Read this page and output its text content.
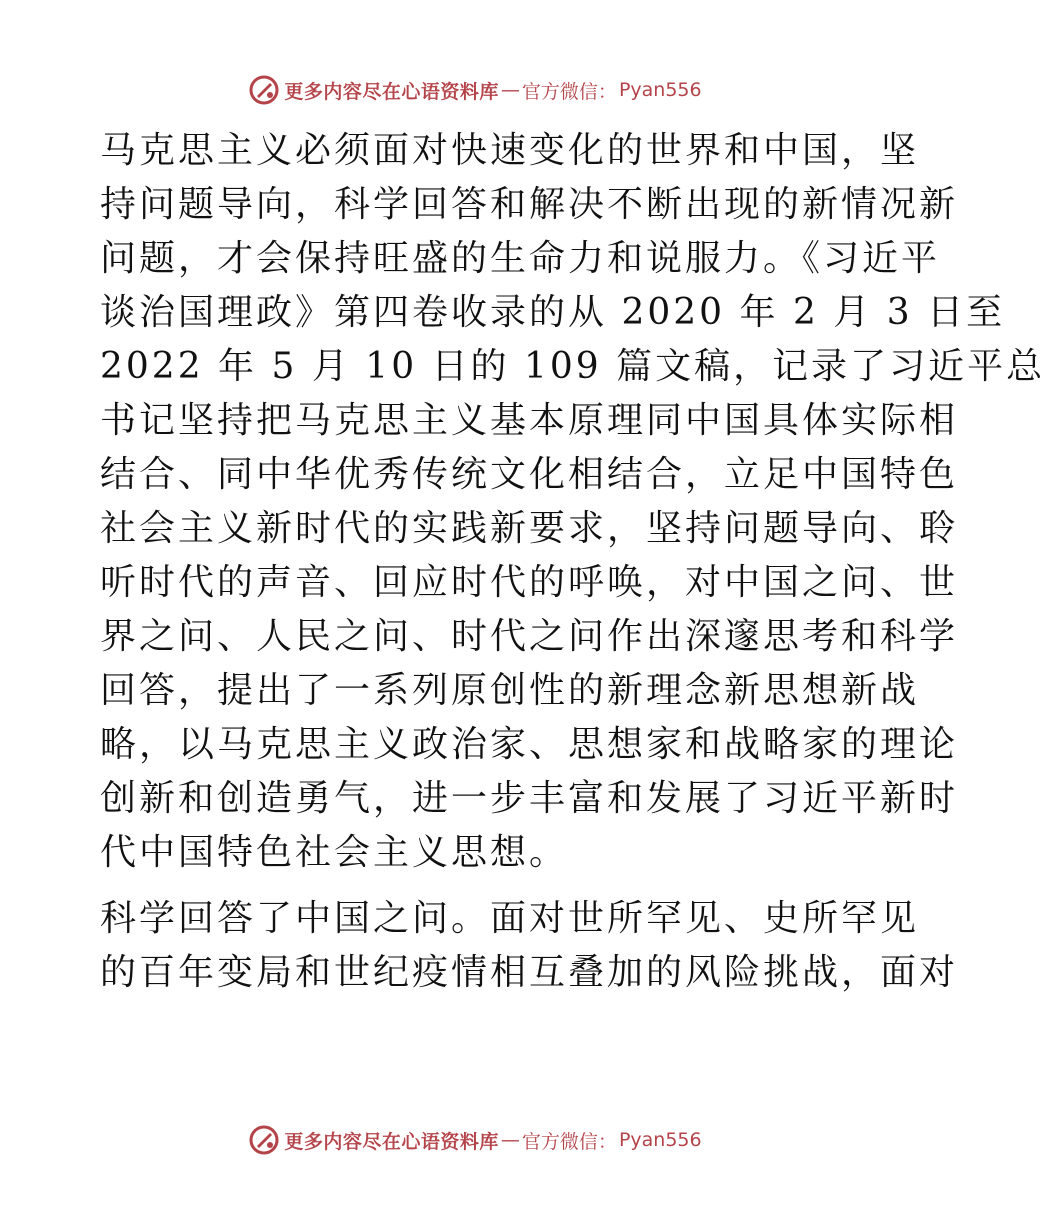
更多内容尽在心语资料库 — 官方微信： Pyan556

马克思主义必须面对快速变化的世界和中国，坚
持问题导向，科学回答和解决不断出现的新情况新
问题，才会保持旺盛的生命力和说服力。《习近平
谈治国理政》第四卷收录的从 2020 年 2 月 3 日至
2022 年 5 月 10 日的 109 篇文稿，记录了习近平总
书记坚持把马克思主义基本原理同中国具体实际相
结合、同中华优秀传统文化相结合，立足中国特色
社会主义新时代的实践新要求，坚持问题导向、聆
听时代的声音、回应时代的呼唤，对中国之问、世
界之问、人民之问、时代之问作出深邃思考和科学
回答，提出了一系列原创性的新理念新思想新战
略，以马克思主义政治家、思想家和战略家的理论
创新和创造勇气，进一步丰富和发展了习近平新时
代中国特色社会主义思想。

科学回答了中国之问。面对世所罕见、史所罕见
的百年变局和世纪疫情相互叠加的风险挑战，面对

更多内容尽在心语资料库 — 官方微信： Pyan556
